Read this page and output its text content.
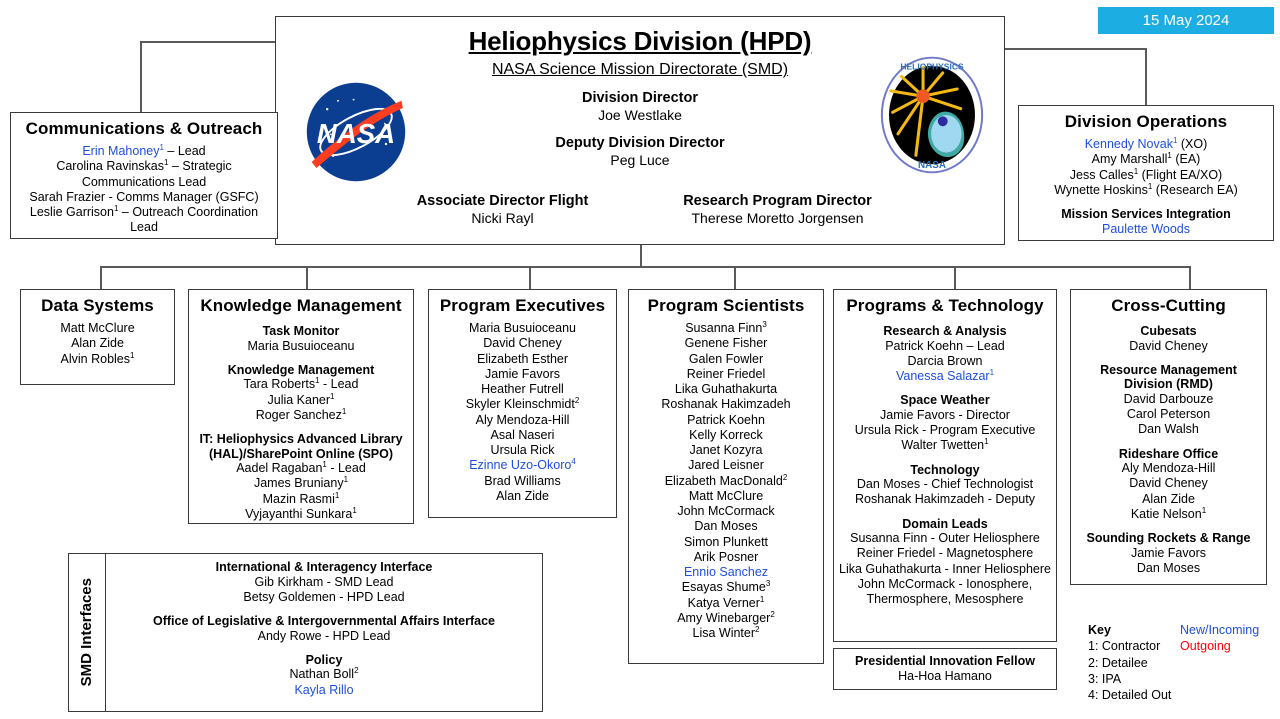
15 May 2024
NASA
Heliophysics Division (HPD)
NASA Science Mission Directorate (SMD)
Division Director
Joe Westlake
Deputy Division Director
Peg Luce
Associate Director Flight
Nicki Rayl
Research Program Director
Therese Moretto Jorgensen
NASA
HELIOPHYSICS
Communications & Outreach
Erin Mahoney$^1$ – Lead
Carolina Ravinskas$^1$ – Strategic Communications Lead
Sarah Frazier - Comms Manager (GSFC)
Leslie Garrison$^1$ – Outreach Coordination Lead
Division Operations
Kennedy Novak$^1$ (XO)
Amy Marshall$^1$ (EA)
Jess Calles$^1$ (Flight EA/XO)
Wynette Hoskins$^1$ (Research EA)
Mission Services Integration
Paulette Woods
Data Systems
Matt McClure
Alan Zide
Alvin Robles$^1$
Knowledge Management
Task Monitor
Maria Busuioceanu
Knowledge Management
Tara Roberts$^1$ - Lead
Julia Kaner$^1$
Roger Sanchez$^1$
IT: Heliophysics Advanced Library (HAL)/SharePoint Online (SPO)
Aadel Ragaban$^1$ - Lead
James Bruniany$^1$
Mazin Rasmi$^1$
Vyjayanthi Sunkara$^1$
Program Executives
Maria Busuioceanu
David Cheney
Elizabeth Esther
Jamie Favors
Heather Futrell
Skyler Kleinschmidt$^2$
Aly Mendoza-Hill
Asal Naseri
Ursula Rick
Ezinne Uzo-Okoro$^4$
Brad Williams
Alan Zide
Program Scientists
Susanna Finn$^3$
Genene Fisher
Galen Fowler
Reiner Friedel
Lika Guhathakurta
Roshanak Hakimzadeh
Patrick Koehn
Kelly Korreck
Janet Kozyra
Jared Leisner
Elizabeth MacDonald$^2$
Matt McClure
John McCormack
Dan Moses
Simon Plunkett
Arik Posner
Ennio Sanchez
Esayas Shume$^3$
Katya Verner$^1$
Amy Winebarger$^2$
Lisa Winter$^2$
Programs & Technology
Research & Analysis
Patrick Koehn – Lead
Darcia Brown
Vanessa Salazar$^1$
Space Weather
Jamie Favors - Director
Ursula Rick - Program Executive
Walter Twetten$^1$
Technology
Dan Moses - Chief Technologist
Roshanak Hakimzadeh - Deputy
Domain Leads
Susanna Finn - Outer Heliosphere
Reiner Friedel - Magnetosphere
Lika Guhathakurta - Inner Heliosphere
John McCormack - Ionosphere, Thermosphere, Mesosphere
Cross-Cutting
Cubesats
David Cheney
Resource Management Division (RMD)
David Darbouze
Carol Peterson
Dan Walsh
Rideshare Office
Aly Mendoza-Hill
David Cheney
Alan Zide
Katie Nelson$^1$
Sounding Rockets & Range
Jamie Favors
Dan Moses
Presidential Innovation Fellow
Ha-Hoa Hamano
SMD Interfaces
International & Interagency Interface
Gib Kirkham - SMD Lead
Betsy Goldemen - HPD Lead
Office of Legislative & Intergovernmental Affairs Interface
Andy Rowe - HPD Lead
Policy
Nathan Boll$^2$
Kayla Rillo
Key	New/Incoming
1: Contractor	Outgoing
2: Detailee
3: IPA
4: Detailed Out
